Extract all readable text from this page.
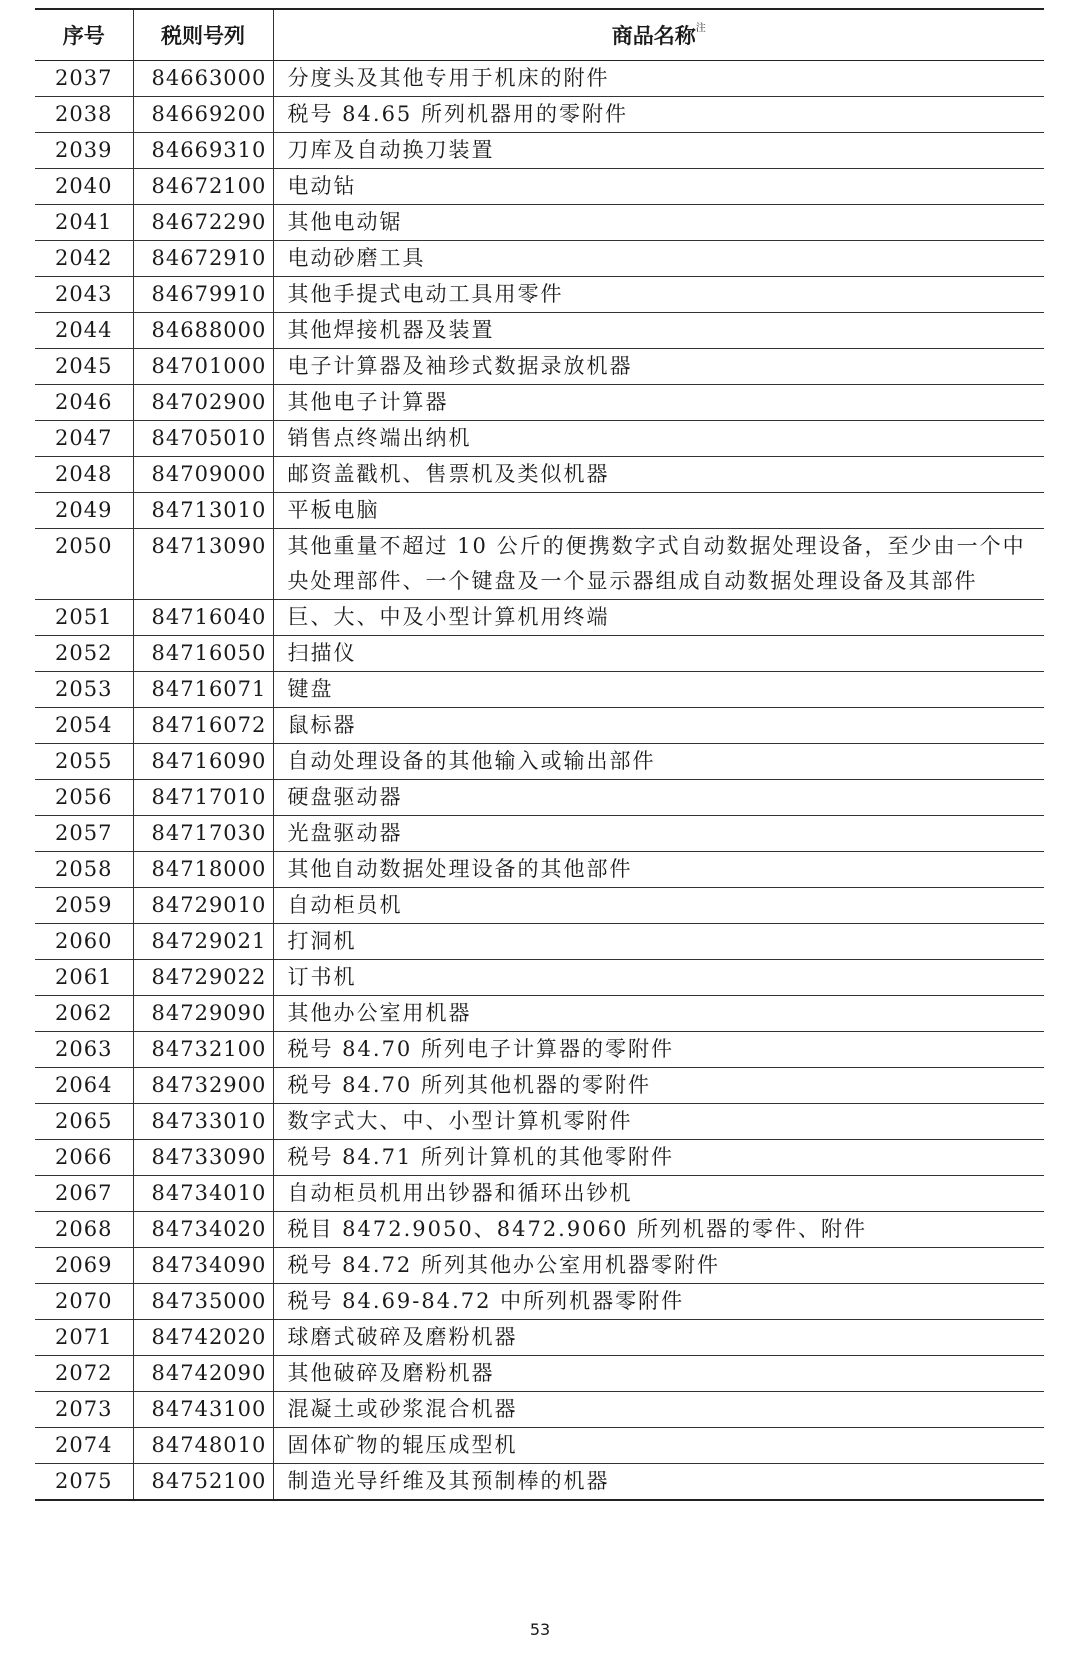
序号	税则号列	商品名称$^注$
2037	84663000	分度头及其他专用于机床的附件
2038	84669200	税号 84.65 所列机器用的零附件
2039	84669310	刀库及自动换刀装置
2040	84672100	电动钻
2041	84672290	其他电动锯
2042	84672910	电动砂磨工具
2043	84679910	其他手提式电动工具用零件
2044	84688000	其他焊接机器及装置
2045	84701000	电子计算器及袖珍式数据录放机器
2046	84702900	其他电子计算器
2047	84705010	销售点终端出纳机
2048	84709000	邮资盖戳机、售票机及类似机器
2049	84713010	平板电脑
2050	84713090	其他重量不超过 10 公斤的便携数字式自动数据处理设备，至少由一个中央处理部件、一个键盘及一个显示器组成自动数据处理设备及其部件
2051	84716040	巨、大、中及小型计算机用终端
2052	84716050	扫描仪
2053	84716071	键盘
2054	84716072	鼠标器
2055	84716090	自动处理设备的其他输入或输出部件
2056	84717010	硬盘驱动器
2057	84717030	光盘驱动器
2058	84718000	其他自动数据处理设备的其他部件
2059	84729010	自动柜员机
2060	84729021	打洞机
2061	84729022	订书机
2062	84729090	其他办公室用机器
2063	84732100	税号 84.70 所列电子计算器的零附件
2064	84732900	税号 84.70 所列其他机器的零附件
2065	84733010	数字式大、中、小型计算机零附件
2066	84733090	税号 84.71 所列计算机的其他零附件
2067	84734010	自动柜员机用出钞器和循环出钞机
2068	84734020	税目 8472.9050、8472.9060 所列机器的零件、附件
2069	84734090	税号 84.72 所列其他办公室用机器零附件
2070	84735000	税号 84.69-84.72 中所列机器零附件
2071	84742020	球磨式破碎及磨粉机器
2072	84742090	其他破碎及磨粉机器
2073	84743100	混凝土或砂浆混合机器
2074	84748010	固体矿物的辊压成型机
2075	84752100	制造光导纤维及其预制棒的机器
53
